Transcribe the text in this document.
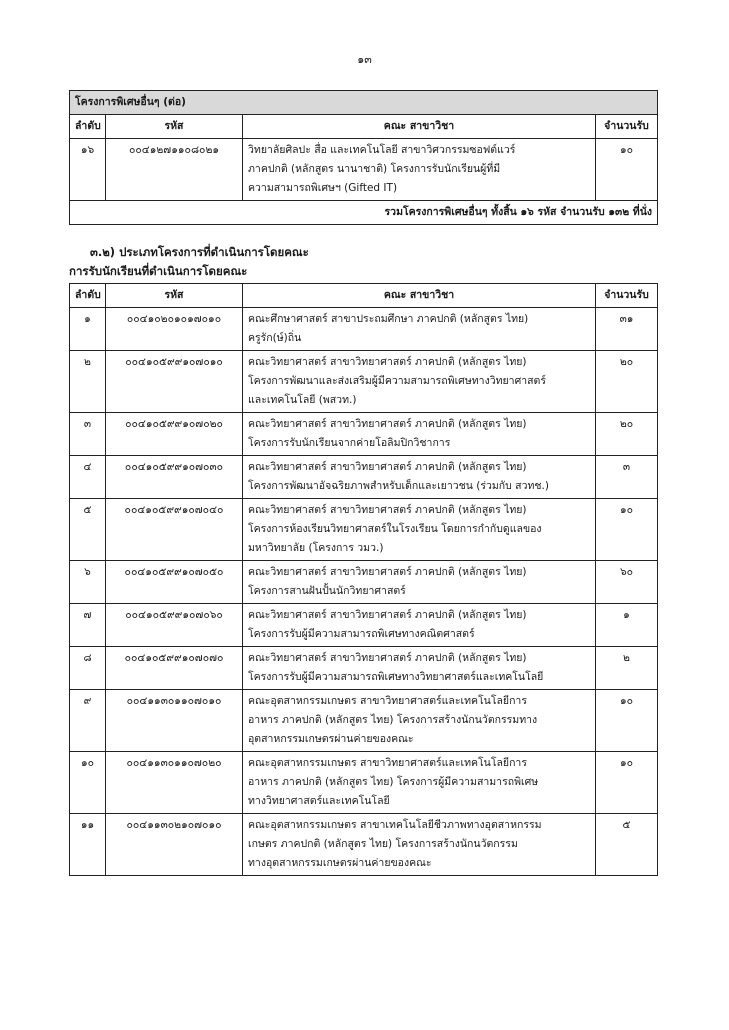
๑๓
โครงการพิเศษอื่นๆ (ต่อ)			
ลำดับ	รหัส	คณะ สาขาวิชา	จำนวนรับ
๑๖	๐๐๔๑๒๗๑๑๐๘๐๒๑	วิทยาลัยศิลปะ สื่อ และเทคโนโลยี สาขาวิศวกรรมซอฟต์แวร์
ภาคปกติ (หลักสูตร นานาชาติ) โครงการรับนักเรียนผู้ที่มี
ความสามารถพิเศษฯ (Gifted IT)	๑๐
รวมโครงการพิเศษอื่นๆ ทั้งสิ้น ๑๖ รหัส จำนวนรับ ๑๓๒ ที่นั่ง			
๓.๒) ประเภทโครงการที่ดำเนินการโดยคณะ
การรับนักเรียนที่ดำเนินการโดยคณะ
ลำดับ	รหัส	คณะ สาขาวิชา	จำนวนรับ
๑	๐๐๔๑๐๒๐๑๐๑๗๐๑๐	คณะศึกษาศาสตร์ สาขาประถมศึกษา ภาคปกติ (หลักสูตร ไทย)
ครูรัก(ษ์)ถิ่น	๓๑
๒	๐๐๔๑๐๕๙๙๑๐๗๐๑๐	คณะวิทยาศาสตร์ สาขาวิทยาศาสตร์ ภาคปกติ (หลักสูตร ไทย)
โครงการพัฒนาและส่งเสริมผู้มีความสามารถพิเศษทางวิทยาศาสตร์
และเทคโนโลยี (พสวท.)	๒๐
๓	๐๐๔๑๐๕๙๙๑๐๗๐๒๐	คณะวิทยาศาสตร์ สาขาวิทยาศาสตร์ ภาคปกติ (หลักสูตร ไทย)
โครงการรับนักเรียนจากค่ายโอลิมปิกวิชาการ	๒๐
๔	๐๐๔๑๐๕๙๙๑๐๗๐๓๐	คณะวิทยาศาสตร์ สาขาวิทยาศาสตร์ ภาคปกติ (หลักสูตร ไทย)
โครงการพัฒนาอัจฉริยภาพสำหรับเด็กและเยาวชน (ร่วมกับ สวทช.)	๓
๕	๐๐๔๑๐๕๙๙๑๐๗๐๔๐	คณะวิทยาศาสตร์ สาขาวิทยาศาสตร์ ภาคปกติ (หลักสูตร ไทย)
โครงการห้องเรียนวิทยาศาสตร์ในโรงเรียน โดยการกำกับดูแลของ
มหาวิทยาลัย (โครงการ วมว.)	๑๐
๖	๐๐๔๑๐๕๙๙๑๐๗๐๕๐	คณะวิทยาศาสตร์ สาขาวิทยาศาสตร์ ภาคปกติ (หลักสูตร ไทย)
โครงการสานฝันปั้นนักวิทยาศาสตร์	๖๐
๗	๐๐๔๑๐๕๙๙๑๐๗๐๖๐	คณะวิทยาศาสตร์ สาขาวิทยาศาสตร์ ภาคปกติ (หลักสูตร ไทย)
โครงการรับผู้มีความสามารถพิเศษทางคณิตศาสตร์	๑
๘	๐๐๔๑๐๕๙๙๑๐๗๐๗๐	คณะวิทยาศาสตร์ สาขาวิทยาศาสตร์ ภาคปกติ (หลักสูตร ไทย)
โครงการรับผู้มีความสามารถพิเศษทางวิทยาศาสตร์และเทคโนโลยี	๒
๙	๐๐๔๑๑๓๐๑๑๐๗๐๑๐	คณะอุตสาหกรรมเกษตร สาขาวิทยาศาสตร์และเทคโนโลยีการ
อาหาร ภาคปกติ (หลักสูตร ไทย) โครงการสร้างนักนวัตกรรมทาง
อุตสาหกรรมเกษตรผ่านค่ายของคณะ	๑๐
๑๐	๐๐๔๑๑๓๐๑๑๐๗๐๒๐	คณะอุตสาหกรรมเกษตร สาขาวิทยาศาสตร์และเทคโนโลยีการ
อาหาร ภาคปกติ (หลักสูตร ไทย) โครงการผู้มีความสามารถพิเศษ
ทางวิทยาศาสตร์และเทคโนโลยี	๑๐
๑๑	๐๐๔๑๑๓๐๒๑๐๗๐๑๐	คณะอุตสาหกรรมเกษตร สาขาเทคโนโลยีชีวภาพทางอุตสาหกรรม
เกษตร ภาคปกติ (หลักสูตร ไทย) โครงการสร้างนักนวัตกรรม
ทางอุตสาหกรรมเกษตรผ่านค่ายของคณะ	๕
